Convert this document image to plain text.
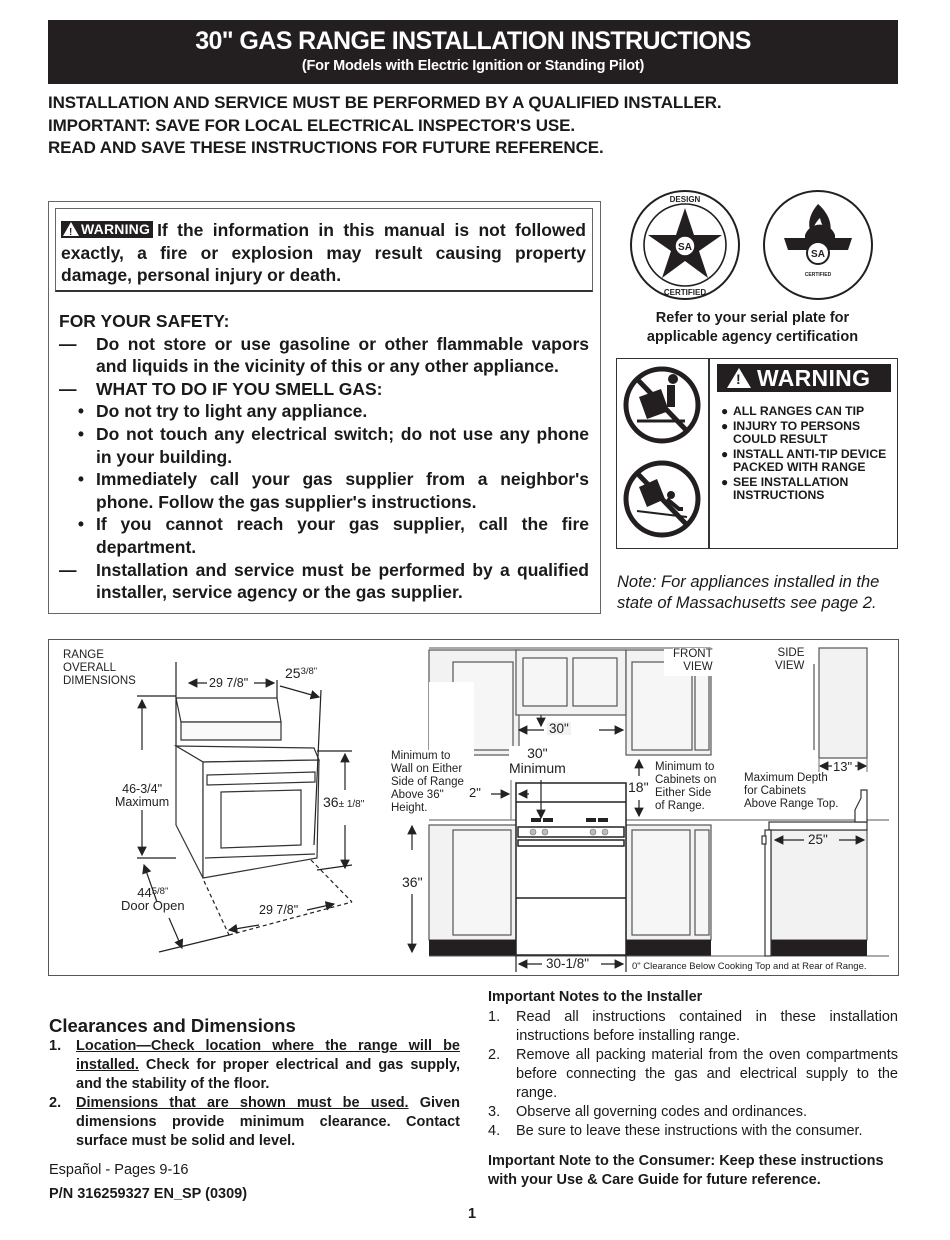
30" GAS RANGE INSTALLATION INSTRUCTIONS
(For Models with Electric Ignition or Standing Pilot)
INSTALLATION AND SERVICE MUST BE PERFORMED BY A QUALIFIED INSTALLER.
IMPORTANT: SAVE FOR LOCAL ELECTRICAL INSPECTOR'S USE.
READ AND SAVE THESE INSTRUCTIONS FOR FUTURE REFERENCE.
!WARNING If the information in this manual is not followed exactly, a fire or explosion may result causing property damage, personal injury or death.
FOR YOUR SAFETY:
—	Do not store or use gasoline or other flammable vapors and liquids in the vicinity of this or any other appliance.
—	WHAT TO DO IF YOU SMELL GAS:
• Do not try to light any appliance.
• Do not touch any electrical switch; do not use any phone in your building.
• Immediately call your gas supplier from a neighbor's phone. Follow the gas supplier's instructions.
• If you cannot reach your gas supplier, call the fire department.
—	Installation and service must be performed by a qualified installer, service agency or the gas supplier.
SA
DESIGN
CERTIFIED
SA
CERTIFIED
Refer to your serial plate for
applicable agency certification
!
WARNING
● ALL RANGES CAN TIP
● INJURY TO PERSONS COULD RESULT
● INSTALL ANTI-TIP DEVICE PACKED WITH RANGE
● SEE INSTALLATION INSTRUCTIONS
Note: For appliances installed in the state of Massachusetts see page 2.
RANGE
OVERALL
DIMENSIONS	29 7/8"
$25^{3/8"}$
46-3/4"
Maximum	36± 1/8"
$44^{5/8"}$
Door Open	29 7/8"
FRONT
VIEW
SIDE
VIEW
30"
30"
Minimum
Minimum to
Wall on Either
Side of Range
Above 36"
Height.
2"	18"
Minimum to
Cabinets on
Either Side
of Range.
36"
30-1/8"	0" Clearance Below Cooking Top and at Rear of Range.
13"
Maximum Depth
for Cabinets
Above Range Top.
25"
Clearances and Dimensions
1.	Location—Check location where the range will be installed. Check for proper electrical and gas supply, and the stability of the floor.
2.	Dimensions that are shown must be used. Given dimensions provide minimum clearance. Contact surface must be solid and level.
Español - Pages 9-16
P/N 316259327 EN_SP (0309)
1
Important Notes to the Installer
1.	Read all instructions contained in these installation instructions before installing range.
2.	Remove all packing material from the oven compartments before connecting the gas and electrical supply to the range.
3.	Observe all governing codes and ordinances.
4.	Be sure to leave these instructions with the consumer.
Important Note to the Consumer: Keep these instructions with your Use & Care Guide for future reference.
